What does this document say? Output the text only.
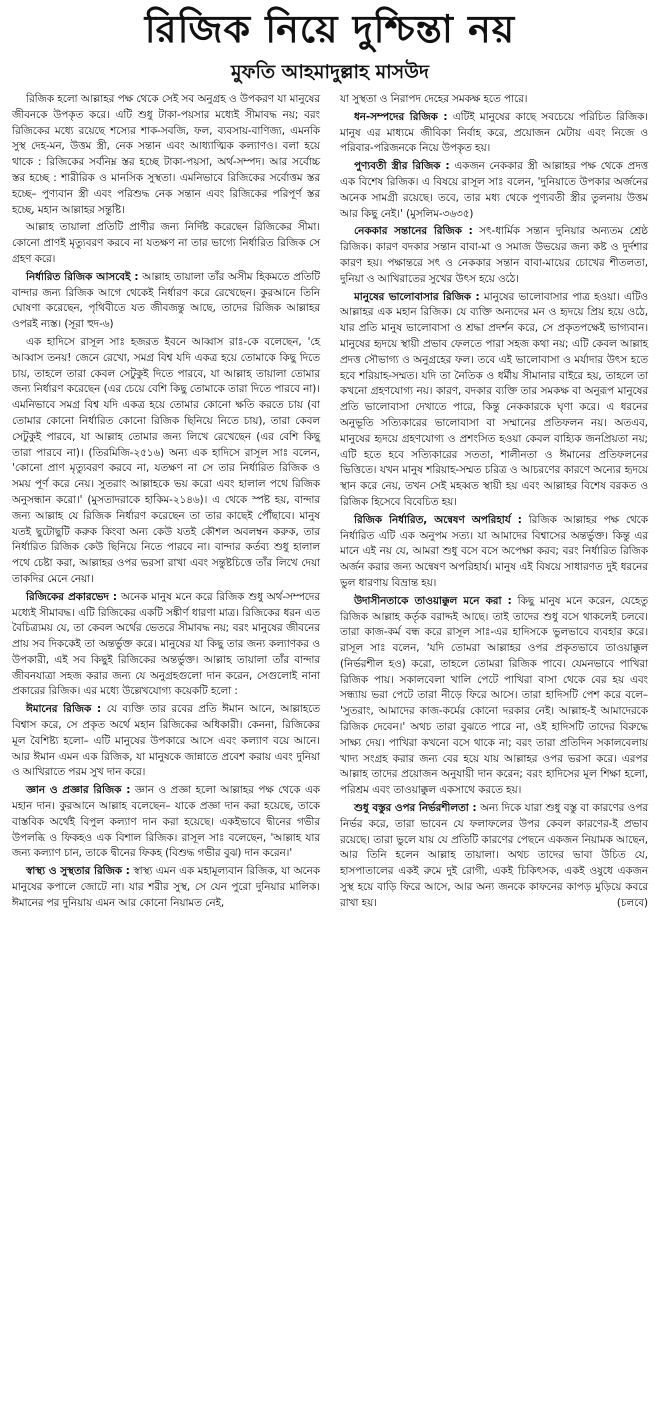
রিজিক নিয়ে দুশ্চিন্তা নয়
মুফতি আহমাদুল্লাহ মাসউদ

রিজিক হলো আল্লাহর পক্ষ থেকে সেই সব অনুগ্রহ ও উপকরণ যা মানুষের জীবনকে উপকৃত করে। এটি শুধু টাকা-পয়সার মধ্যেই সীমাবদ্ধ নয়; বরং রিজিকের মধ্যে রয়েছে শস্যের শাক-সবজি, ফল, ব্যবসায়-বাণিজ্য, এমনকি সুস্থ দেহ-মন, উত্তম স্ত্রী, নেক সন্তান এবং আধ্যাত্মিক কল্যাণও। বলা হয়ে থাকে : রিজিকের সর্বনিম্ন স্তর হচ্ছে টাকা-পয়সা, অর্থ-সম্পদ। আর সর্বোচ্চ স্তর হচ্ছে : শারীরিক ও মানসিক সুস্থতা। এমনিভাবে রিজিকের সর্বোত্তম স্তর হচ্ছে– পুণ্যবান স্ত্রী এবং পরিশুদ্ধ নেক সন্তান এবং রিজিকের পরিপূর্ণ স্তর হচ্ছে, মহান আল্লাহর সন্তুষ্টি।

আল্লাহ তায়ালা প্রতিটি প্রাণীর জন্য নির্দিষ্ট করেছেন রিজিকের সীমা। কোনো প্রাণই মৃত্যুবরণ করবে না যতক্ষণ না তার ভাগ্যে নির্ধারিত রিজিক সে গ্রহণ করে।

নির্ধারিত রিজিক আসবেই : আল্লাহ তায়ালা তাঁর অসীম হিকমতে প্রতিটি বান্দার জন্য রিজিক আগে থেকেই নির্ধারণ করে রেখেছেন। কুরআনে তিনি ঘোষণা করেছেন, পৃথিবীতে যত জীবজন্তু আছে, তাদের রিজিক আল্লাহর ওপরই ন্যস্ত। (সূরা হুদ-৬)

এক হাদিসে রাসূল সাঃ হজরত ইবনে আব্বাস রাঃ-কে বলেছেন, 'হে আব্বাস তনয়! জেনে রেখো, সমগ্র বিশ্ব যদি একত্র হয়ে তোমাকে কিছু দিতে চায়, তাহলে তারা কেবল সেটুকুই দিতে পারবে, যা আল্লাহ তায়ালা তোমার জন্য নির্ধারণ করেছেন (এর চেয়ে বেশি কিছু তোমাকে তারা দিতে পারবে না)। এমনিভাবে সমগ্র বিশ্ব যদি একত্র হয়ে তোমার কোনো ক্ষতি করতে চায় (বা তোমার কোনো নির্ধারিত কোনো রিজিক ছিনিয়ে নিতে চায়), তারা কেবল সেটুকুই পারবে, যা আল্লাহ তোমার জন্য লিখে রেখেছেন (এর বেশি কিছু তারা পারবে না)। (তিরমিজি-২৫১৬) অন্য এক হাদিসে রাসূল সাঃ বলেন, 'কোনো প্রাণ মৃত্যুবরণ করবে না, যতক্ষণ না সে তার নির্ধারিত রিজিক ও সময় পূর্ণ করে নেয়। সুতরাং আল্লাহকে ভয় করো এবং হালাল পথে রিজিক অনুসন্ধান করো।' (মুসতাদরাকে হাকিম-২১৪৬)। এ থেকে স্পষ্ট হয়, বান্দার জন্য আল্লাহ যে রিজিক নির্ধারণ করেছেন তা তার কাছেই পৌঁছাবে। মানুষ যতই ছুটোছুটি করুক কিংবা অন্য কেউ যতই কৌশল অবলম্বন করুক, তার নির্ধারিত রিজিক কেউ ছিনিয়ে নিতে পারবে না। বান্দার কর্তব্য শুধু হালাল পথে চেষ্টা করা, আল্লাহর ওপর ভরসা রাখা এবং সন্তুষ্টচিত্তে তাঁর লিখে দেয়া তাকদির মেনে নেয়া।

রিজিকের প্রকারভেদ : অনেক মানুষ মনে করে রিজিক শুধু অর্থ-সম্পদের মধ্যেই সীমাবদ্ধ। এটি রিজিকের একটি সঙ্কীর্ণ ধারণা মাত্র। রিজিকের ধরন এত বৈচিত্র্যময় যে, তা কেবল অর্থের ভেতরে সীমাবদ্ধ নয়; বরং মানুষের জীবনের প্রায় সব দিককেই তা অন্তর্ভুক্ত করে। মানুষের যা কিছু তার জন্য কল্যাণকর ও উপকারী, এই সব কিছুই রিজিকের অন্তর্ভুক্ত। আল্লাহ তায়ালা তাঁর বান্দার জীবনযাত্রা সহজ করার জন্য যে অনুগ্রহগুলো দান করেন, সেগুলোই নানা প্রকারের রিজিক। এর মধ্যে উল্লেখযোগ্য কয়েকটি হলো :

ঈমানের রিজিক : যে ব্যক্তি তার রবের প্রতি ঈমান আনে, আল্লাহতে বিশ্বাস করে, সে প্রকৃত অর্থে মহান রিজিকের অধিকারী। কেননা, রিজিকের মূল বৈশিষ্ট্য হলো– এটি মানুষের উপকারে আসে এবং কল্যাণ বয়ে আনে। আর ঈমান এমন এক রিজিক, যা মানুষকে জান্নাতে প্রবেশ করায় এবং দুনিয়া ও আখিরাতে পরম সুখ দান করে।

জ্ঞান ও প্রজ্ঞার রিজিক : জ্ঞান ও প্রজ্ঞা হলো আল্লাহর পক্ষ থেকে এক মহান দান। কুরআনে আল্লাহ বলেছেন– যাকে প্রজ্ঞা দান করা হয়েছে, তাকে বাস্তবিক অর্থেই বিপুল কল্যাণ দান করা হয়েছে। একইভাবে দ্বীনের গভীর উপলব্ধি ও ফিকহও এক বিশাল রিজিক। রাসূল সাঃ বলেছেন, 'আল্লাহ যার জন্য কল্যাণ চান, তাকে দ্বীনের ফিকহ (বিশুদ্ধ গভীর বুঝ) দান করেন।'

স্বাস্থ্য ও সুস্থতার রিজিক : স্বাস্থ্য এমন এক মহামূল্যবান রিজিক, যা অনেক মানুষের কপালে জোটে না। যার শরীর সুস্থ, সে যেন পুরো দুনিয়ার মালিক। ঈমানের পর দুনিয়ায় এমন আর কোনো নিয়ামত নেই,

যা সুস্থতা ও নিরাপদ দেহের সমকক্ষ হতে পারে।

ধন-সম্পদের রিজিক : এটিই মানুষের কাছে সবচেয়ে পরিচিত রিজিক। মানুষ এর মাধ্যমে জীবিকা নির্বাহ করে, প্রয়োজন মেটায় এবং নিজে ও পরিবার-পরিজনকে নিয়ে উপকৃত হয়।

পুণ্যবতী স্ত্রীর রিজিক : একজন নেককার স্ত্রী আল্লাহর পক্ষ থেকে প্রদত্ত এক বিশেষ রিজিক। এ বিষয়ে রাসূল সাঃ বলেন, 'দুনিয়াতে উপকার অর্জনের অনেক সামগ্রী রয়েছে। তবে, তার মধ্য থেকে পুণ্যবতী স্ত্রীর তুলনায় উত্তম আর কিছু নেই।' (মুসলিম-৩৬৩৫)

নেককার সন্তানের রিজিক : সৎ-ধার্মিক সন্তান দুনিয়ার অন্যতম শ্রেষ্ঠ রিজিক। কারণ বদকার সন্তান বাবা-মা ও সমাজ উভয়ের জন্য কষ্ট ও দুর্দশার কারণ হয়। পক্ষান্তরে সৎ ও নেককার সন্তান বাবা-মায়ের চোখের শীতলতা, দুনিয়া ও আখিরাতের সুখের উৎস হয়ে ওঠে।

মানুষের ভালোবাসার রিজিক : মানুষের ভালোবাসার পাত্র হওয়া। এটিও আল্লাহর এক মহান রিজিক। যে ব্যক্তি অন্যদের মন ও হৃদয়ে প্রিয় হয়ে ওঠে, যার প্রতি মানুষ ভালোবাসা ও শ্রদ্ধা প্রদর্শন করে, সে প্রকৃতপক্ষেই ভাগ্যবান। মানুষের হৃদয়ে স্থায়ী প্রভাব ফেলতে পারা সহজ কথা নয়; এটি কেবল আল্লাহ প্রদত্ত সৌভাগ্য ও অনুগ্রহের ফল। তবে এই ভালোবাসা ও মর্যাদার উৎস হতে হবে শরিয়াহ-সম্মত। যদি তা নৈতিক ও ধর্মীয় সীমানার বাইরে হয়, তাহলে তা কখনো গ্রহণযোগ্য নয়। কারণ, বদকার ব্যক্তি তার সমকক্ষ বা অনুরূপ মানুষের প্রতি ভালোবাসা দেখাতে পারে, কিন্তু নেককারকে ঘৃণা করে। এ ধরনের অনুভূতি সত্যিকারের ভালোবাসা বা সম্মানের প্রতিফলন নয়। অতএব, মানুষের হৃদয়ে গ্রহণযোগ্য ও প্রশংসিত হওয়া কেবল বাহ্যিক জনপ্রিয়তা নয়; এটি হতে হবে সত্যিকারের সততা, শালীনতা ও ঈমানের প্রতিফলনের ভিত্তিতে। যখন মানুষ শরিয়াহ-সম্মত চরিত্র ও আচরণের কারণে অন্যের হৃদয়ে স্থান করে নেয়, তখন সেই মহব্বত স্থায়ী হয় এবং আল্লাহর বিশেষ বরকত ও রিজিক হিসেবে বিবেচিত হয়।

রিজিক নির্ধারিত, অন্বেষণ অপরিহার্য : রিজিক আল্লাহর পক্ষ থেকে নির্ধারিত এটি এক অনুপম সত্য। যা আমাদের বিশ্বাসের অন্তর্ভুক্ত। কিন্তু এর মানে এই নয় যে, আমরা শুধু বসে বসে অপেক্ষা করব; বরং নির্ধারিত রিজিক অর্জন করার জন্য অন্বেষণ অপরিহার্য। মানুষ এই বিষয়ে সাধারণত দুই ধরনের ভুল ধারণায় বিভ্রান্ত হয়।

উদাসীনতাকে তাওয়াক্কুল মনে করা : কিছু মানুষ মনে করেন, যেহেতু রিজিক আল্লাহ কর্তৃক বরাদ্দই আছে। তাই তাদের শুধু বসে থাকলেই চলবে। তারা কাজ-কর্ম বন্ধ করে রাসূল সাঃ-এর হাদিসকে ভুলভাবে ব্যবহার করে। রাসূল সাঃ বলেন, 'যদি তোমরা আল্লাহর ওপর প্রকৃতভাবে তাওয়াক্কুল (নির্ভরশীল হও) করো, তাহলে তোমরা রিজিক পাবে। যেমনভাবে পাখিরা রিজিক পায়। সকালবেলা খালি পেটে পাখিরা বাসা থেকে বের হয় এবং সন্ধ্যায় ভরা পেটে তারা নীড়ে ফিরে আসে। তারা হাদিসটি পেশ করে বলে– 'সুতরাং, আমাদের কাজ-কর্মের কোনো দরকার নেই। আল্লাহ-ই আমাদেরকে রিজিক দেবেন।' অথচ তারা বুঝতে পারে না, ওই হাদিসটি তাদের বিরুদ্ধে সাক্ষ্য দেয়। পাখিরা কখনো বসে থাকে না; বরং তারা প্রতিদিন সকালবেলায় খাদ্য সংগ্রহ করার জন্য বের হয়ে যায় আল্লাহর ওপর ভরসা করে। এরপর আল্লাহ তাদের প্রয়োজন অনুযায়ী দান করেন; বরং হাদিসের মূল শিক্ষা হলো, পরিশ্রম এবং তাওয়াক্কুল একসাথে করতে হয়।

শুধু বস্তুর ওপর নির্ভরশীলতা : অন্য দিকে যারা শুধু বস্তু বা কারণের ওপর নির্ভর করে, তারা ভাবেন যে ফলাফলের উপর কেবল কারণের-ই প্রভাব রয়েছে। তারা ভুলে যায় যে প্রতিটি কারণের পেছনে একজন নিয়ামক আছেন, আর তিনি হলেন আল্লাহ তায়ালা। অথচ তাদের ভাবা উচিত যে, হাসপাতালের একই রুমে দুই রোগী, একই চিকিৎসক, একই ওষুধে একজন সুস্থ হয়ে বাড়ি ফিরে আসে, আর অন্য জনকে কাফনের কাপড় মুড়িয়ে কবরে রাখা হয়।	(চলবে)
